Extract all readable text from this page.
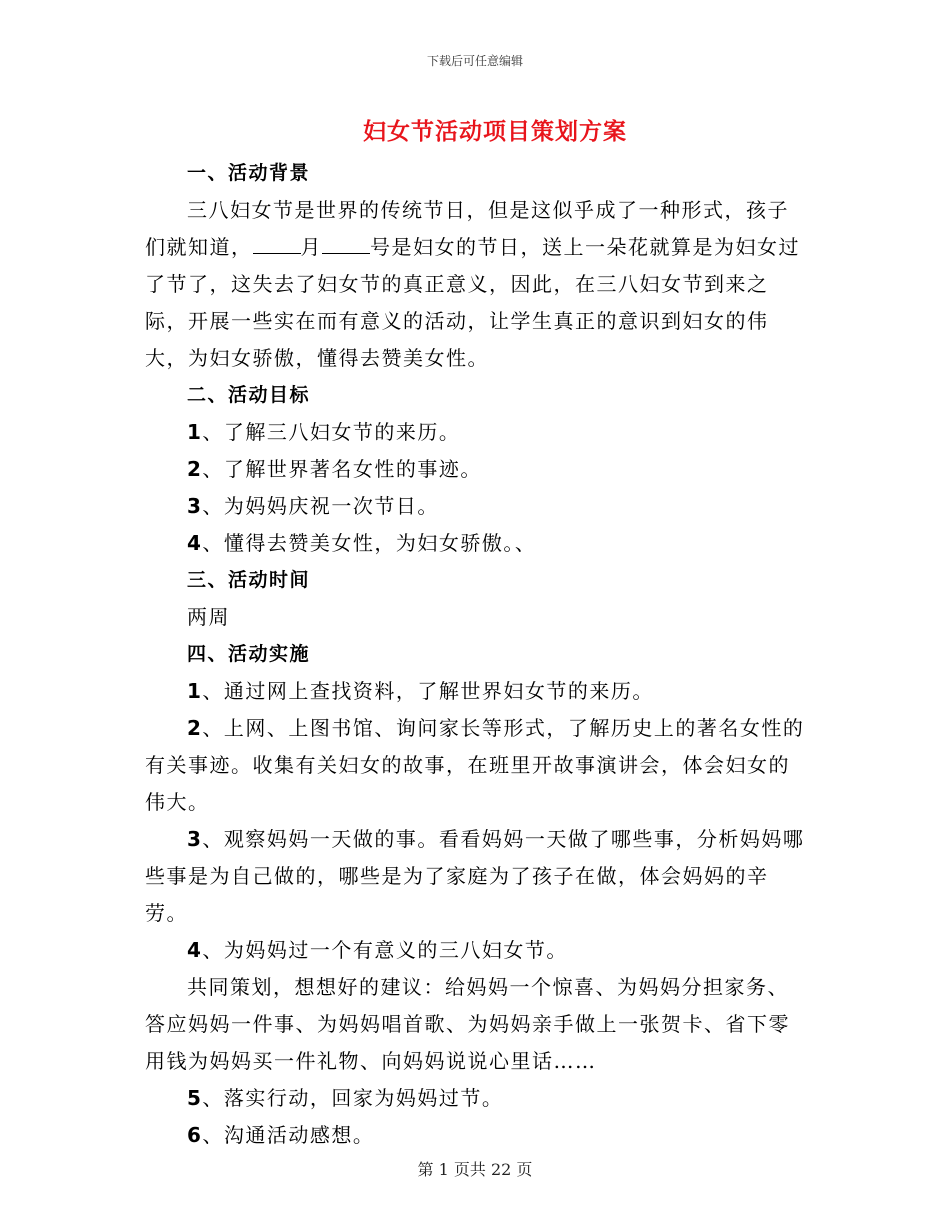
下载后可任意编辑
妇女节活动项目策划方案

一、活动背景

三八妇女节是世界的传统节日，但是这似乎成了一种形式，孩子们就知道， 月 号是妇女的节日，送上一朵花就算是为妇女过了节了，这失去了妇女节的真正意义，因此，在三八妇女节到来之际，开展一些实在而有意义的活动，让学生真正的意识到妇女的伟大，为妇女骄傲，懂得去赞美女性。

二、活动目标

1、了解三八妇女节的来历。

2、了解世界著名女性的事迹。

3、为妈妈庆祝一次节日。

4、懂得去赞美女性，为妇女骄傲。、

三、活动时间

两周

四、活动实施

1、通过网上查找资料，了解世界妇女节的来历。

2、上网、上图书馆、询问家长等形式，了解历史上的著名女性的有关事迹。收集有关妇女的故事，在班里开故事演讲会，体会妇女的伟大。

3、观察妈妈一天做的事。看看妈妈一天做了哪些事，分析妈妈哪些事是为自己做的，哪些是为了家庭为了孩子在做，体会妈妈的辛劳。

4、为妈妈过一个有意义的三八妇女节。

共同策划，想想好的建议：给妈妈一个惊喜、为妈妈分担家务、答应妈妈一件事、为妈妈唱首歌、为妈妈亲手做上一张贺卡、省下零用钱为妈妈买一件礼物、向妈妈说说心里话……

5、落实行动，回家为妈妈过节。

6、沟通活动感想。

第 1 页共 22 页
